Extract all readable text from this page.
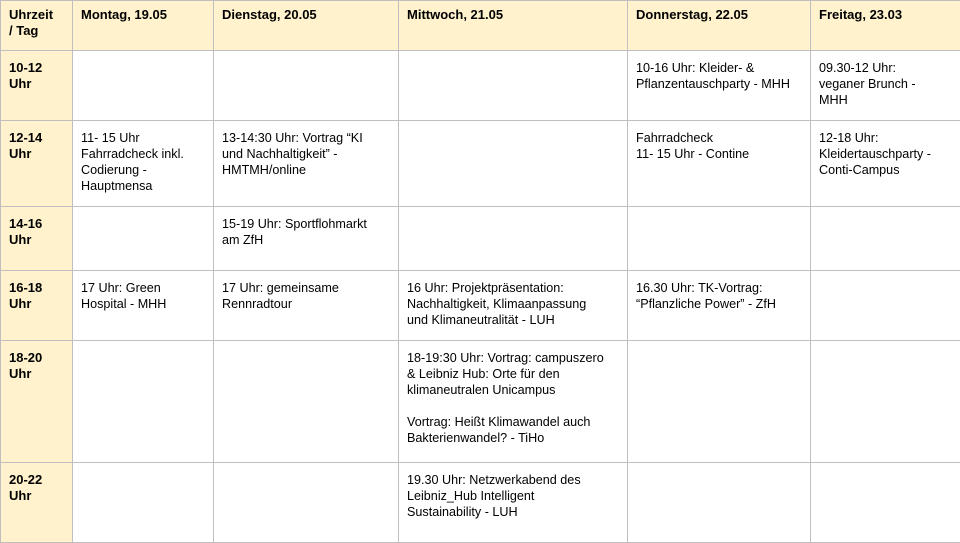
Uhrzeit
/ Tag	Montag, 19.05	Dienstag, 20.05	Mittwoch, 21.05	Donnerstag, 22.05	Freitag, 23.03

10-12
Uhr				10-16 Uhr: Kleider- &
Pflanzentauschparty - MHH	09.30-12 Uhr:
veganer Brunch -
MHH

12-14
Uhr	11- 15 Uhr
Fahrradcheck inkl.
Codierung -
Hauptmensa	13-14:30 Uhr: Vortrag “KI
und Nachhaltigkeit” -
HMTMH/online		Fahrradcheck
11- 15 Uhr - Contine	12-18 Uhr:
Kleidertauschparty -
Conti-Campus

14-16
Uhr		15-19 Uhr: Sportflohmarkt
am ZfH			

16-18
Uhr	17 Uhr: Green
Hospital - MHH	17 Uhr: gemeinsame
Rennradtour	16 Uhr: Projektpräsentation:
Nachhaltigkeit, Klimaanpassung
und Klimaneutralität - LUH	16.30 Uhr: TK-Vortrag:
“Pflanzliche Power” - ZfH	

18-20
Uhr			18-19:30 Uhr: Vortrag: campuszero
& Leibniz Hub: Orte für den
klimaneutralen Unicampus
Vortrag: Heißt Klimawandel auch
Bakterienwandel? - TiHo		

20-22
Uhr			19.30 Uhr: Netzwerkabend des
Leibniz_Hub Intelligent
Sustainability - LUH		
